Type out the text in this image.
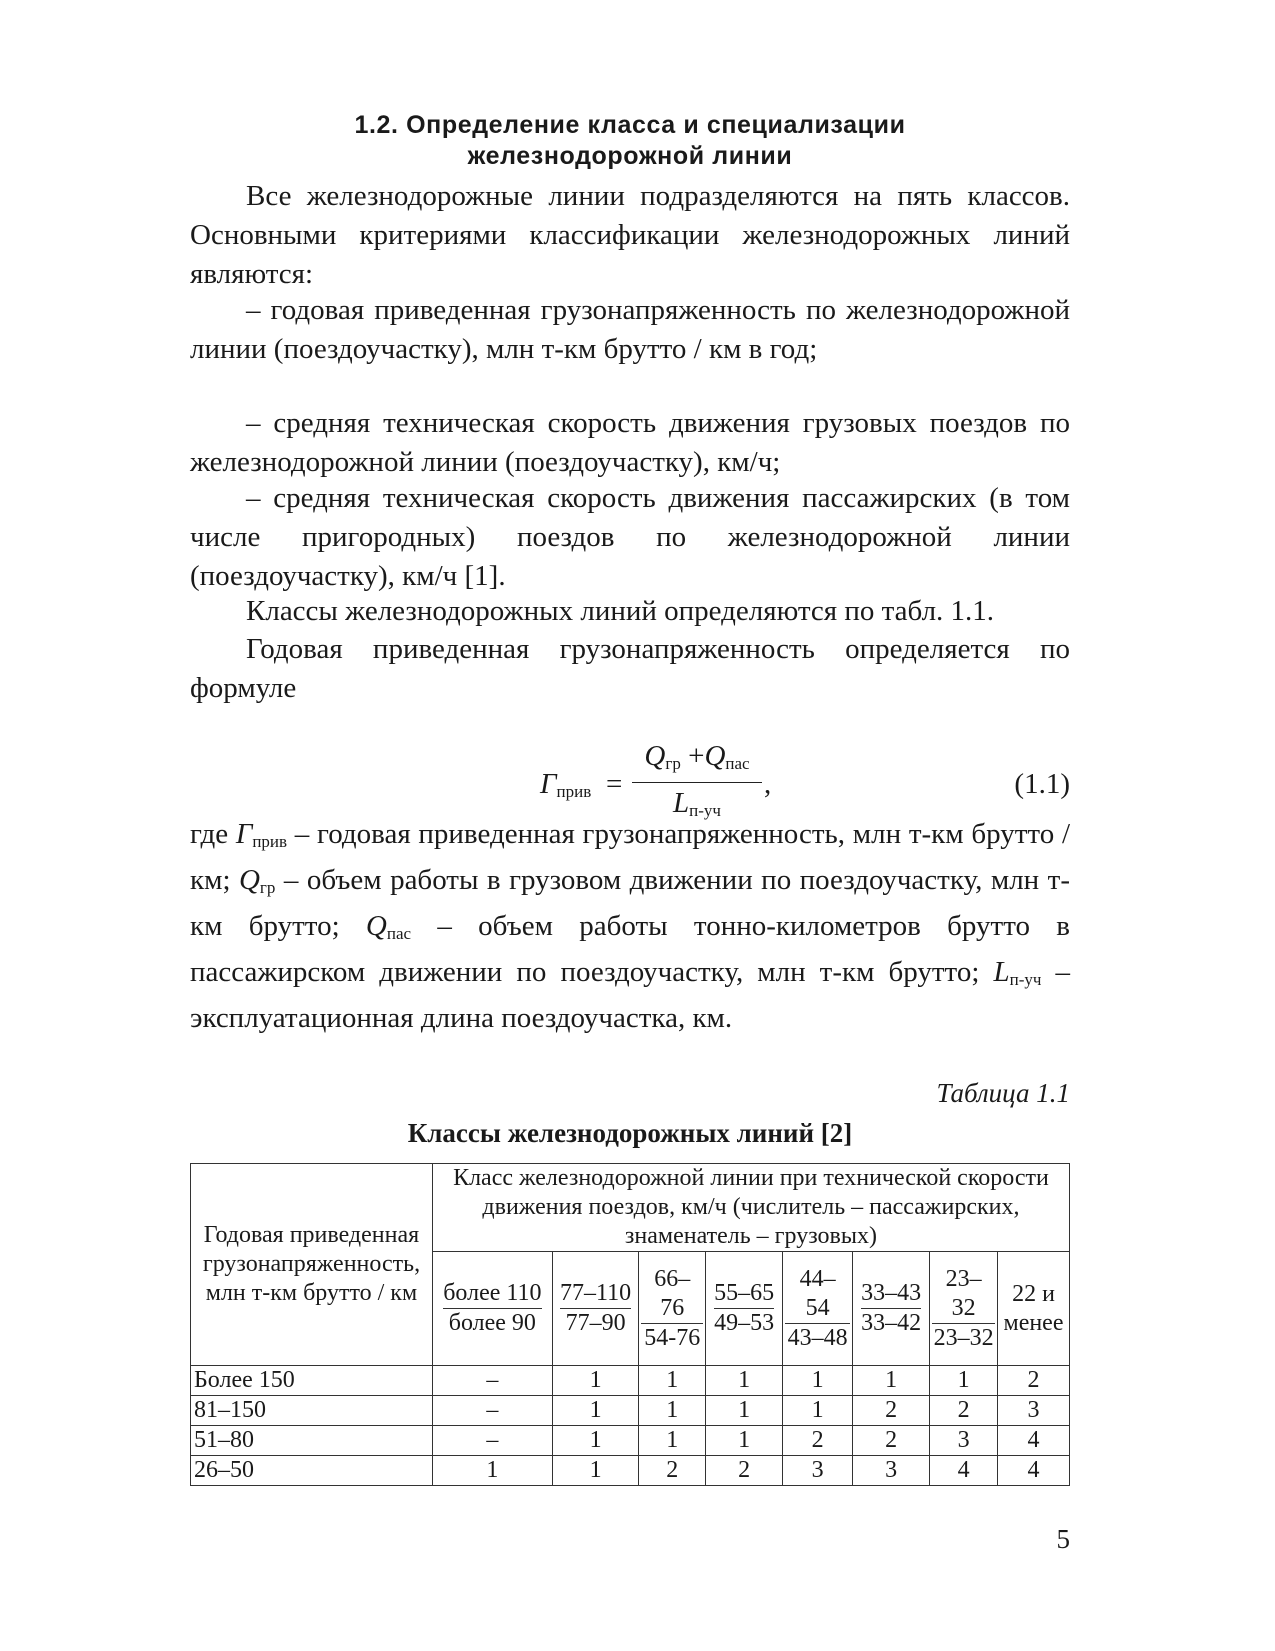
1.2. Определение класса и специализации
железнодорожной линии

Все железнодорожные линии подразделяются на пять классов. Основными критериями классификации железнодорожных линий являются:

– годовая приведенная грузонапряженность по железнодорожной линии (поездоучастку), млн т-км брутто / км в год;

– средняя техническая скорость движения грузовых поездов по железнодорожной линии (поездоучастку), км/ч;

– средняя техническая скорость движения пассажирских (в том числе пригородных) поездов по железнодорожной линии (поездоучастку), км/ч [1].

Классы железнодорожных линий определяются по табл. 1.1.

Годовая приведенная грузонапряженность определяется по формуле

$Г_{прив}$ =
$Q_{гр} +Q_{пас}$
$L_{п-уч}$
,	(1.1)

где $Г_{прив}$ – годовая приведенная грузонапряженность, млн т-км брутто / км; $Q_{гр}$ – объем работы в грузовом движении по поездоучастку, млн т-км брутто; $Q_{пас}$ – объем работы тонно-километров брутто в пассажирском движении по поездоучастку, млн т-км брутто; $L_{п-уч}$ – эксплуатационная длина поездоучастка, км.

Таблица 1.1
Классы железнодорожных линий [2]
Годовая приведенная грузонапряженность, млн т-км брутто / км	Класс железнодорожной линии при технической скорости движения поездов, км/ч (числитель – пассажирских, знаменатель – грузовых)							

	$\frac{\text{более 110}}{\text{более 90}}$	$\frac{77-110}{77-90}$	$\frac{66-76}{54-76}$	$\frac{55-65}{49-53}$	$\frac{44-54}{43-48}$	$\frac{33-43}{33-42}$	$\frac{23-32}{23-32}$	22 и менее
Более 150	–	1	1	1	1	1	1	2
81–150	–	1	1	1	1	2	2	3
51–80	–	1	1	1	2	2	3	4
26–50	1	1	2	2	3	3	4	4
5
